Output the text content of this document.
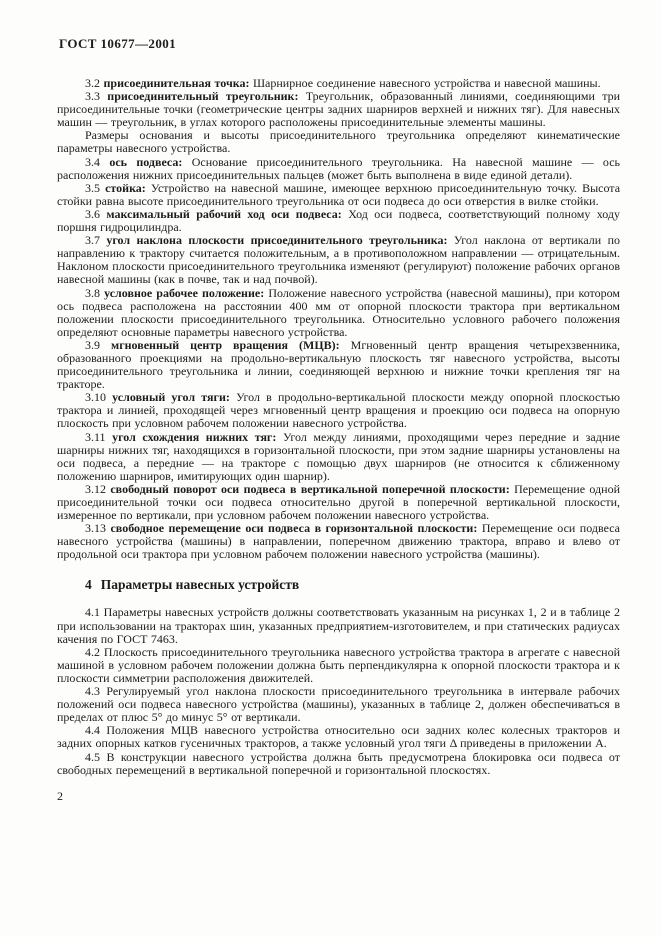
ГОСТ 10677—2001

3.2 присоединительная точка: Шарнирное соединение навесного устройства и навесной машины.

3.3 присоединительный треугольник: Треугольник, образованный линиями, соединяющими три присоединительные точки (геометрические центры задних шарниров верхней и нижних тяг). Для навесных машин — треугольник, в углах которого расположены присоединительные элементы машины.

Размеры основания и высоты присоединительного треугольника определяют кинематические параметры навесного устройства.

3.4 ось подвеса: Основание присоединительного треугольника. На навесной машине — ось расположения нижних присоединительных пальцев (может быть выполнена в виде единой детали).

3.5 стойка: Устройство на навесной машине, имеющее верхнюю присоединительную точку. Высота стойки равна высоте присоединительного треугольника от оси подвеса до оси отверстия в вилке стойки.

3.6 максимальный рабочий ход оси подвеса: Ход оси подвеса, соответствующий полному ходу поршня гидроцилиндра.

3.7 угол наклона плоскости присоединительного треугольника: Угол наклона от вертикали по направлению к трактору считается положительным, а в противоположном направлении — отрицательным. Наклоном плоскости присоединительного треугольника изменяют (регулируют) положение рабочих органов навесной машины (как в почве, так и над почвой).

3.8 условное рабочее положение: Положение навесного устройства (навесной машины), при котором ось подвеса расположена на расстоянии 400 мм от опорной плоскости трактора при вертикальном положении плоскости присоединительного треугольника. Относительно условного рабочего положения определяют основные параметры навесного устройства.

3.9 мгновенный центр вращения (МЦВ): Мгновенный центр вращения четырехзвенника, образованного проекциями на продольно-вертикальную плоскость тяг навесного устройства, высоты присоединительного треугольника и линии, соединяющей верхнюю и нижние точки крепления тяг на тракторе.

3.10 условный угол тяги: Угол в продольно-вертикальной плоскости между опорной плоскостью трактора и линией, проходящей через мгновенный центр вращения и проекцию оси подвеса на опорную плоскость при условном рабочем положении навесного устройства.

3.11 угол схождения нижних тяг: Угол между линиями, проходящими через передние и задние шарниры нижних тяг, находящихся в горизонтальной плоскости, при этом задние шарниры установлены на оси подвеса, а передние — на тракторе с помощью двух шарниров (не относится к сближенному положению шарниров, имитирующих один шарнир).

3.12 свободный поворот оси подвеса в вертикальной поперечной плоскости: Перемещение одной присоединительной точки оси подвеса относительно другой в поперечной вертикальной плоскости, измеренное по вертикали, при условном рабочем положении навесного устройства.

3.13 свободное перемещение оси подвеса в горизонтальной плоскости: Перемещение оси подвеса навесного устройства (машины) в направлении, поперечном движению трактора, вправо и влево от продольной оси трактора при условном рабочем положении навесного устройства (машины).

4 Параметры навесных устройств

4.1 Параметры навесных устройств должны соответствовать указанным на рисунках 1, 2 и в таблице 2 при использовании на тракторах шин, указанных предприятием-изготовителем, и при статических радиусах качения по ГОСТ 7463.

4.2 Плоскость присоединительного треугольника навесного устройства трактора в агрегате с навесной машиной в условном рабочем положении должна быть перпендикулярна к опорной плоскости трактора и к плоскости симметрии расположения движителей.

4.3 Регулируемый угол наклона плоскости присоединительного треугольника в интервале рабочих положений оси подвеса навесного устройства (машины), указанных в таблице 2, должен обеспечиваться в пределах от плюс 5° до минус 5° от вертикали.

4.4 Положения МЦВ навесного устройства относительно оси задних колес колесных тракторов и задних опорных катков гусеничных тракторов, а также условный угол тяги Δ приведены в приложении А.

4.5 В конструкции навесного устройства должна быть предусмотрена блокировка оси подвеса от свободных перемещений в вертикальной поперечной и горизонтальной плоскостях.

2
